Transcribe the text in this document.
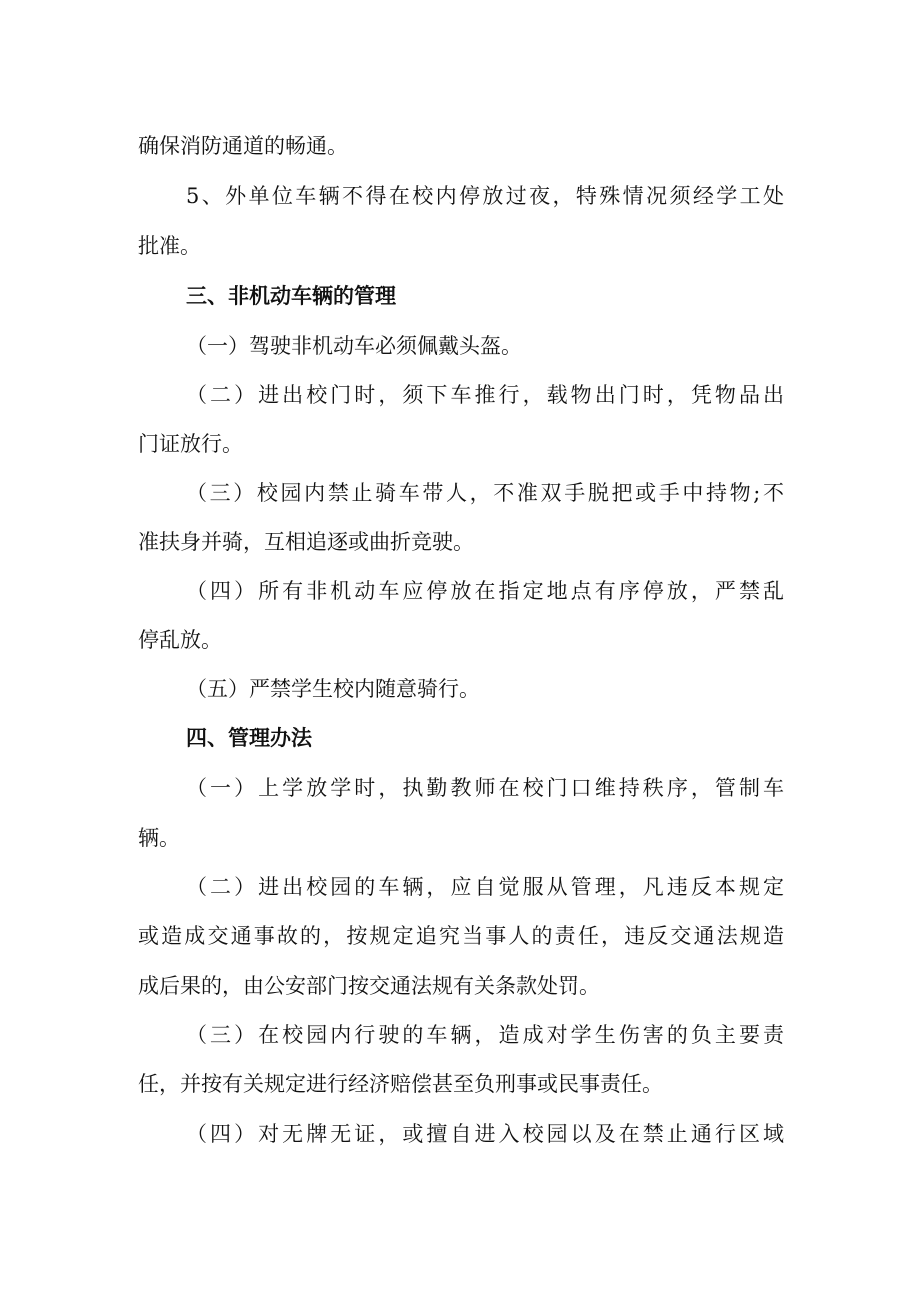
确保消防通道的畅通。

5、外单位车辆不得在校内停放过夜，特殊情况须经学工处

批准。

三、非机动车辆的管理

（一）驾驶非机动车必须佩戴头盔。

（二）进出校门时，须下车推行，载物出门时，凭物品出

门证放行。

（三）校园内禁止骑车带人，不准双手脱把或手中持物;不

准扶身并骑，互相追逐或曲折竞驶。

（四）所有非机动车应停放在指定地点有序停放，严禁乱

停乱放。

（五）严禁学生校内随意骑行。

四、管理办法

（一）上学放学时，执勤教师在校门口维持秩序，管制车

辆。

（二）进出校园的车辆，应自觉服从管理，凡违反本规定

或造成交通事故的，按规定追究当事人的责任，违反交通法规造

成后果的，由公安部门按交通法规有关条款处罚。

（三）在校园内行驶的车辆，造成对学生伤害的负主要责

任，并按有关规定进行经济赔偿甚至负刑事或民事责任。

（四）对无牌无证，或擅自进入校园以及在禁止通行区域
